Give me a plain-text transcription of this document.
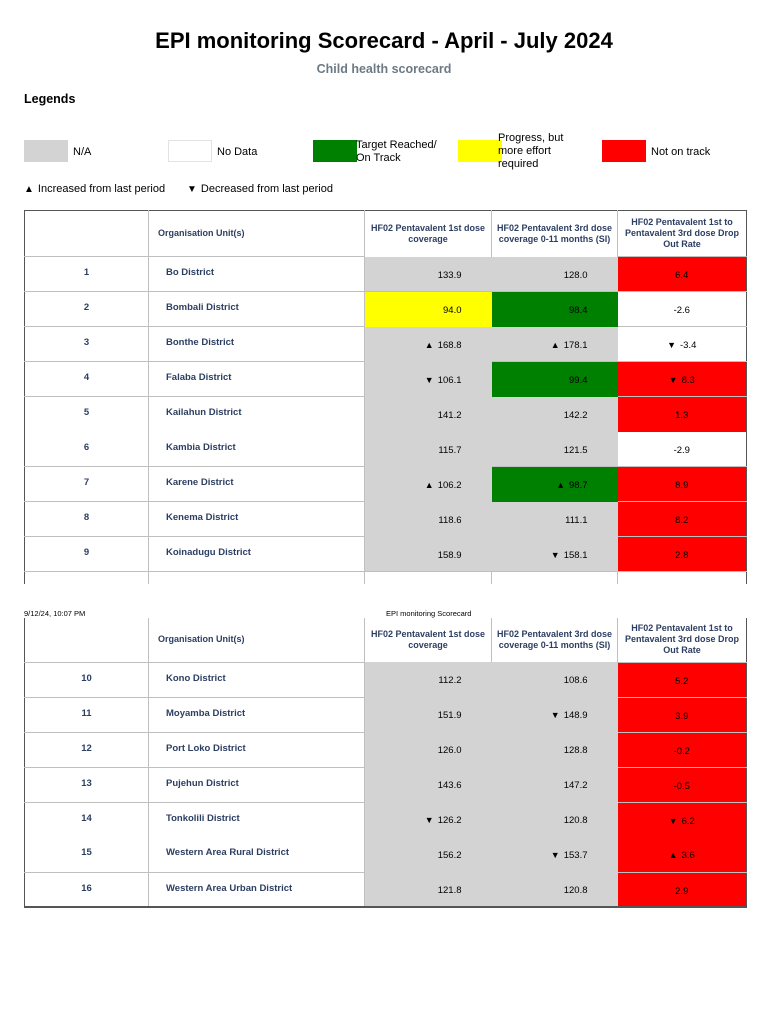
EPI monitoring Scorecard - April - July 2024
Child health scorecard
Legends
N/A	No Data
Target Reached/
On Track
Progress, but
more effort
required
Not on track
▲ Increased from last period ▼ Decreased from last period
	Organisation Unit(s)	HF02 Pentavalent 1st dose coverage	HF02 Pentavalent 3rd dose coverage 0-11 months (SI)	HF02 Pentavalent 1st to Pentavalent 3rd dose Drop Out Rate
1	Bo District	133.9	128.0	6.4
2	Bombali District	94.0	98.4	-2.6
3	Bonthe District	▲ 168.8	▲ 178.1	▼ -3.4
4	Falaba District	▼ 106.1	99.4	▼ 8.3
5	Kailahun District	141.2	142.2	1.3
6	Kambia District	115.7	121.5	-2.9
7	Karene District	▲ 106.2	▲ 98.7	8.9
8	Kenema District	118.6	111.1	8.2
9	Koinadugu District	158.9	▼ 158.1	2.8

9/12/24, 10:07 PM	EPI monitoring Scorecard
	Organisation Unit(s)	HF02 Pentavalent 1st dose coverage	HF02 Pentavalent 3rd dose coverage 0-11 months (SI)	HF02 Pentavalent 1st to Pentavalent 3rd dose Drop Out Rate
10	Kono District	112.2	108.6	5.2
11	Moyamba District	151.9	▼ 148.9	3.9
12	Port Loko District	126.0	128.8	-0.2
13	Pujehun District	143.6	147.2	-0.5
14	Tonkolili District	▼ 126.2	120.8	▼ 6.2
15	Western Area Rural District	156.2	▼ 153.7	▲ 3.6
16	Western Area Urban District	121.8	120.8	2.9
